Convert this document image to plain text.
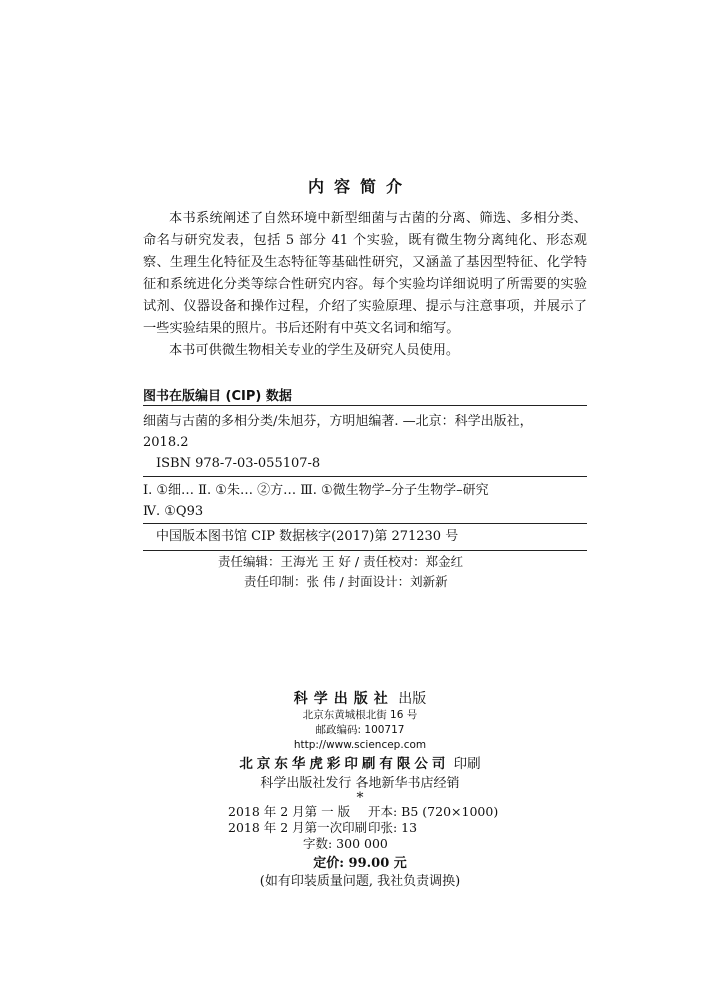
内容简介

本书系统阐述了自然环境中新型细菌与古菌的分离、筛选、多相分类、命名与研究发表，包括 5 部分 41 个实验，既有微生物分离纯化、形态观察、生理生化特征及生态特征等基础性研究，又涵盖了基因型特征、化学特征和系统进化分类等综合性研究内容。每个实验均详细说明了所需要的实验试剂、仪器设备和操作过程，介绍了实验原理、提示与注意事项，并展示了一些实验结果的照片。书后还附有中英文名词和缩写。

本书可供微生物相关专业的学生及研究人员使用。

图书在版编目 (CIP) 数据
细菌与古菌的多相分类/朱旭芬，方明旭编著. —北京：科学出版社，
2018.2
ISBN 978-7-03-055107-8
Ⅰ. ①细… Ⅱ. ①朱… ②方… Ⅲ. ①微生物学–分子生物学–研究
Ⅳ. ①Q93
中国版本图书馆 CIP 数据核字(2017)第 271230 号
责任编辑：王海光 王 好 / 责任校对：郑金红
责任印制：张 伟 / 封面设计：刘新新
科学出版社 出版
北京东黄城根北街 16 号
邮政编码: 100717
http://www.sciencep.com
北京东华虎彩印刷有限公司 印刷
科学出版社发行 各地新华书店经销
*
2018 年 2 月第 一 版 开本: B5 (720×1000)
2018 年 2 月第一次印刷印张: 13
字数: 300 000
定价: 99.00 元
(如有印装质量问题, 我社负责调换)
